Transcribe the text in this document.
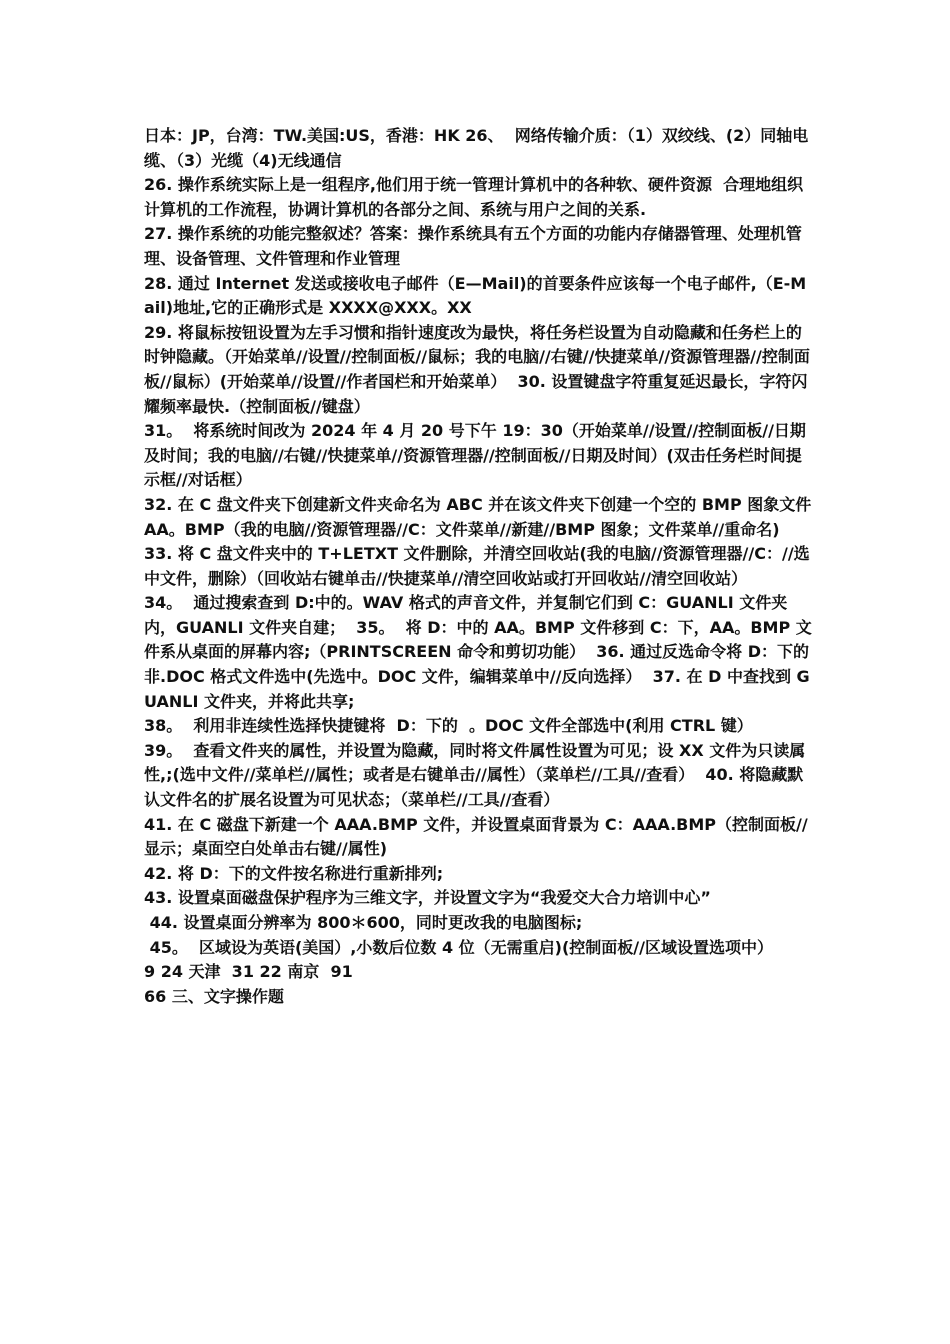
日本：JP，台湾：TW.美国:US，香港：HK 26、  网络传输介质：（1）双绞线、(2）同轴电缆、（3）光缆（4)无线通信

26. 操作系统实际上是一组程序,他们用于统一管理计算机中的各种软、硬件资源  合理地组织计算机的工作流程，协调计算机的各部分之间、系统与用户之间的关系.

27. 操作系统的功能完整叙述？答案：操作系统具有五个方面的功能内存储器管理、处理机管理、设备管理、文件管理和作业管理

28. 通过 Internet 发送或接收电子邮件（E—Mail)的首要条件应该每一个电子邮件,（E-Mail)地址,它的正确形式是 XXXX@XXX。XX

29. 将鼠标按钮设置为左手习惯和指针速度改为最快，将任务栏设置为自动隐藏和任务栏上的时钟隐藏。（开始菜单//设置//控制面板//鼠标；我的电脑//右键//快捷菜单//资源管理器//控制面板//鼠标）(开始菜单//设置//作者国栏和开始菜单）  30. 设置键盘字符重复延迟最长，字符闪耀频率最快.（控制面板//键盘）

31。  将系统时间改为 2024 年 4 月 20 号下午 19：30（开始菜单//设置//控制面板//日期及时间；我的电脑//右键//快捷菜单//资源管理器//控制面板//日期及时间）(双击任务栏时间提示框//对话框）

32. 在 C 盘文件夹下创建新文件夹命名为 ABC 并在该文件夹下创建一个空的 BMP 图象文件 AA。BMP（我的电脑//资源管理器//C：文件菜单//新建//BMP 图象；文件菜单//重命名)

33. 将 C 盘文件夹中的 T+LETXT 文件删除，并清空回收站(我的电脑//资源管理器//C：//选中文件，删除）（回收站右键单击//快捷菜单//清空回收站或打开回收站//清空回收站）

34。  通过搜索查到 D:中的。WAV 格式的声音文件，并复制它们到 C：GUANLI 文件夹内，GUANLI 文件夹自建；  35。  将 D：中的 AA。BMP 文件移到 C：下，AA。BMP 文件系从桌面的屏幕内容;（PRINTSCREEN 命令和剪切功能）  36. 通过反选命令将 D：下的非.DOC 格式文件选中(先选中。DOC 文件，编辑菜单中//反向选择）  37. 在 D 中查找到 GUANLI 文件夹，并将此共享;

38。  利用非连续性选择快捷键将  D：下的  。DOC 文件全部选中(利用 CTRL 键）

39。  查看文件夹的属性，并设置为隐藏，同时将文件属性设置为可见；设 XX 文件为只读属性,;(选中文件//菜单栏//属性；或者是右键单击//属性）（菜单栏//工具//查看）  40. 将隐藏默认文件名的扩展名设置为可见状态；（菜单栏//工具//查看）

41. 在 C 磁盘下新建一个 AAA.BMP 文件，并设置桌面背景为 C：AAA.BMP（控制面板//显示；桌面空白处单击右键//属性)

42. 将 D：下的文件按名称进行重新排列;

43. 设置桌面磁盘保护程序为三维文字，并设置文字为“我爱交大合力培训中心”

44. 设置桌面分辨率为 800＊600，同时更改我的电脑图标;

45。  区域设为英语(美国）,小数后位数 4 位（无需重启)(控制面板//区域设置选项中）

9 24 天津  31 22 南京  91

66 三、文字操作题
